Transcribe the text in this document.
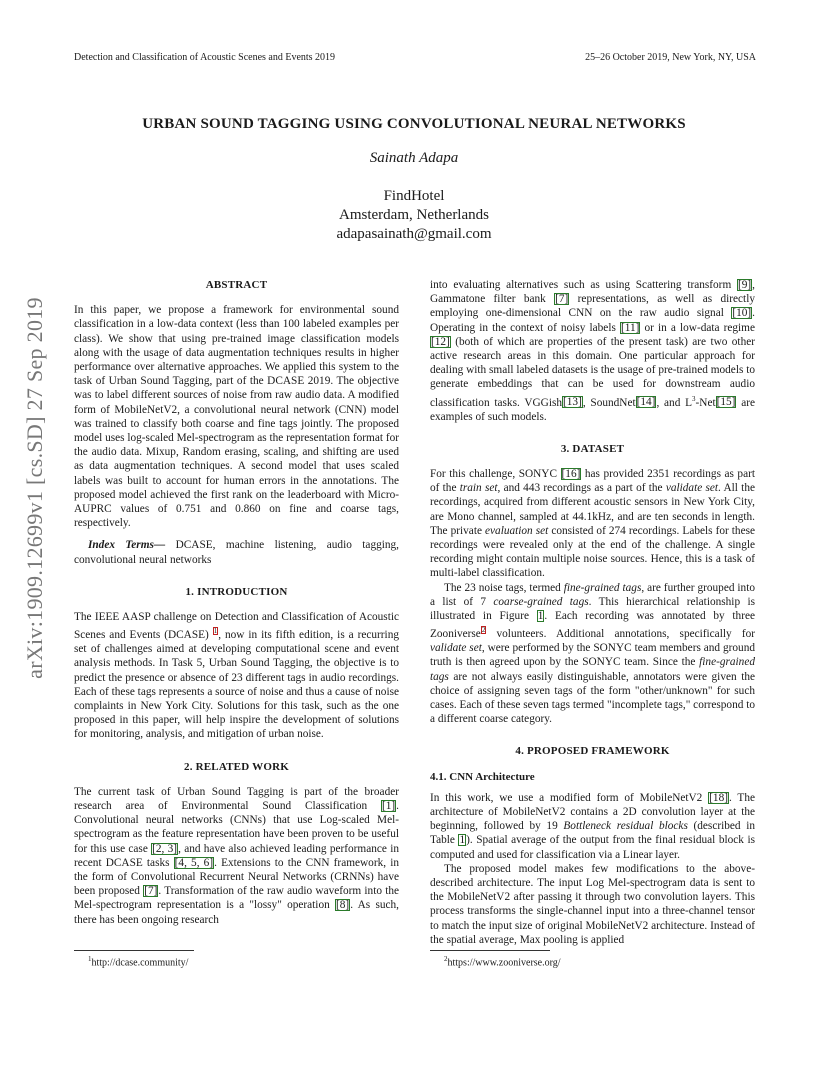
Detection and Classification of Acoustic Scenes and Events 2019	25–26 October 2019, New York, NY, USA
URBAN SOUND TAGGING USING CONVOLUTIONAL NEURAL NETWORKS
Sainath Adapa
FindHotel
Amsterdam, Netherlands
adapasainath@gmail.com
arXiv:1909.12699v1 [cs.SD] 27 Sep 2019
ABSTRACT

In this paper, we propose a framework for environmental sound classification in a low-data context (less than 100 labeled examples per class). We show that using pre-trained image classification models along with the usage of data augmentation techniques results in higher performance over alternative approaches. We applied this system to the task of Urban Sound Tagging, part of the DCASE 2019. The objective was to label different sources of noise from raw audio data. A modified form of MobileNetV2, a convolutional neural network (CNN) model was trained to classify both coarse and fine tags jointly. The proposed model uses log-scaled Mel-spectrogram as the representation format for the audio data. Mixup, Random erasing, scaling, and shifting are used as data augmentation techniques. A second model that uses scaled labels was built to account for human errors in the annotations. The proposed model achieved the first rank on the leaderboard with Micro-AUPRC values of 0.751 and 0.860 on fine and coarse tags, respectively.

Index Terms— DCASE, machine listening, audio tagging, convolutional neural networks

1. INTRODUCTION

The IEEE AASP challenge on Detection and Classification of Acoustic Scenes and Events (DCASE) $^1$, now in its fifth edition, is a recurring set of challenges aimed at developing computational scene and event analysis methods. In Task 5, Urban Sound Tagging, the objective is to predict the presence or absence of 23 different tags in audio recordings. Each of these tags represents a source of noise and thus a cause of noise complaints in New York City. Solutions for this task, such as the one proposed in this paper, will help inspire the development of solutions for monitoring, analysis, and mitigation of urban noise.

2. RELATED WORK

The current task of Urban Sound Tagging is part of the broader research area of Environmental Sound Classification [1]. Convolutional neural networks (CNNs) that use Log-scaled Mel-spectrogram as the feature representation have been proven to be useful for this use case [2, 3], and have also achieved leading performance in recent DCASE tasks [4, 5, 6]. Extensions to the CNN framework, in the form of Convolutional Recurrent Neural Networks (CRNNs) have been proposed [7]. Transformation of the raw audio waveform into the Mel-spectrogram representation is a "lossy" operation [8]. As such, there has been ongoing research

into evaluating alternatives such as using Scattering transform [9], Gammatone filter bank [7] representations, as well as directly employing one-dimensional CNN on the raw audio signal [10]. Operating in the context of noisy labels [11] or in a low-data regime [12] (both of which are properties of the present task) are two other active research areas in this domain. One particular approach for dealing with small labeled datasets is the usage of pre-trained models to generate embeddings that can be used for downstream audio classification tasks. VGGish[13], SoundNet[14], and $L^3-Net[15]$ are examples of such models.

3. DATASET

For this challenge, SONYC [16] has provided 2351 recordings as part of the train set, and 443 recordings as a part of the validate set. All the recordings, acquired from different acoustic sensors in New York City, are Mono channel, sampled at 44.1kHz, and are ten seconds in length. The private evaluation set consisted of 274 recordings. Labels for these recordings were revealed only at the end of the challenge. A single recording might contain multiple noise sources. Hence, this is a task of multi-label classification.

The 23 noise tags, termed fine-grained tags, are further grouped into a list of 7 coarse-grained tags. This hierarchical relationship is illustrated in Figure 1. Each recording was annotated by three Zooniverse$^2$ volunteers. Additional annotations, specifically for validate set, were performed by the SONYC team members and ground truth is then agreed upon by the SONYC team. Since the fine-grained tags are not always easily distinguishable, annotators were given the choice of assigning seven tags of the form "other/unknown" for such cases. Each of these seven tags termed "incomplete tags," correspond to a different coarse category.

4. PROPOSED FRAMEWORK
4.1. CNN Architecture

In this work, we use a modified form of MobileNetV2 [18]. The architecture of MobileNetV2 contains a 2D convolution layer at the beginning, followed by 19 Bottleneck residual blocks (described in Table 1). Spatial average of the output from the final residual block is computed and used for classification via a Linear layer.

The proposed model makes few modifications to the above-described architecture. The input Log Mel-spectrogram data is sent to the MobileNetV2 after passing it through two convolution layers. This process transforms the single-channel input into a three-channel tensor to match the input size of original MobileNetV2 architecture. Instead of the spatial average, Max pooling is applied

$^1$http://dcase.community/	$^2$https://www.zooniverse.org/
